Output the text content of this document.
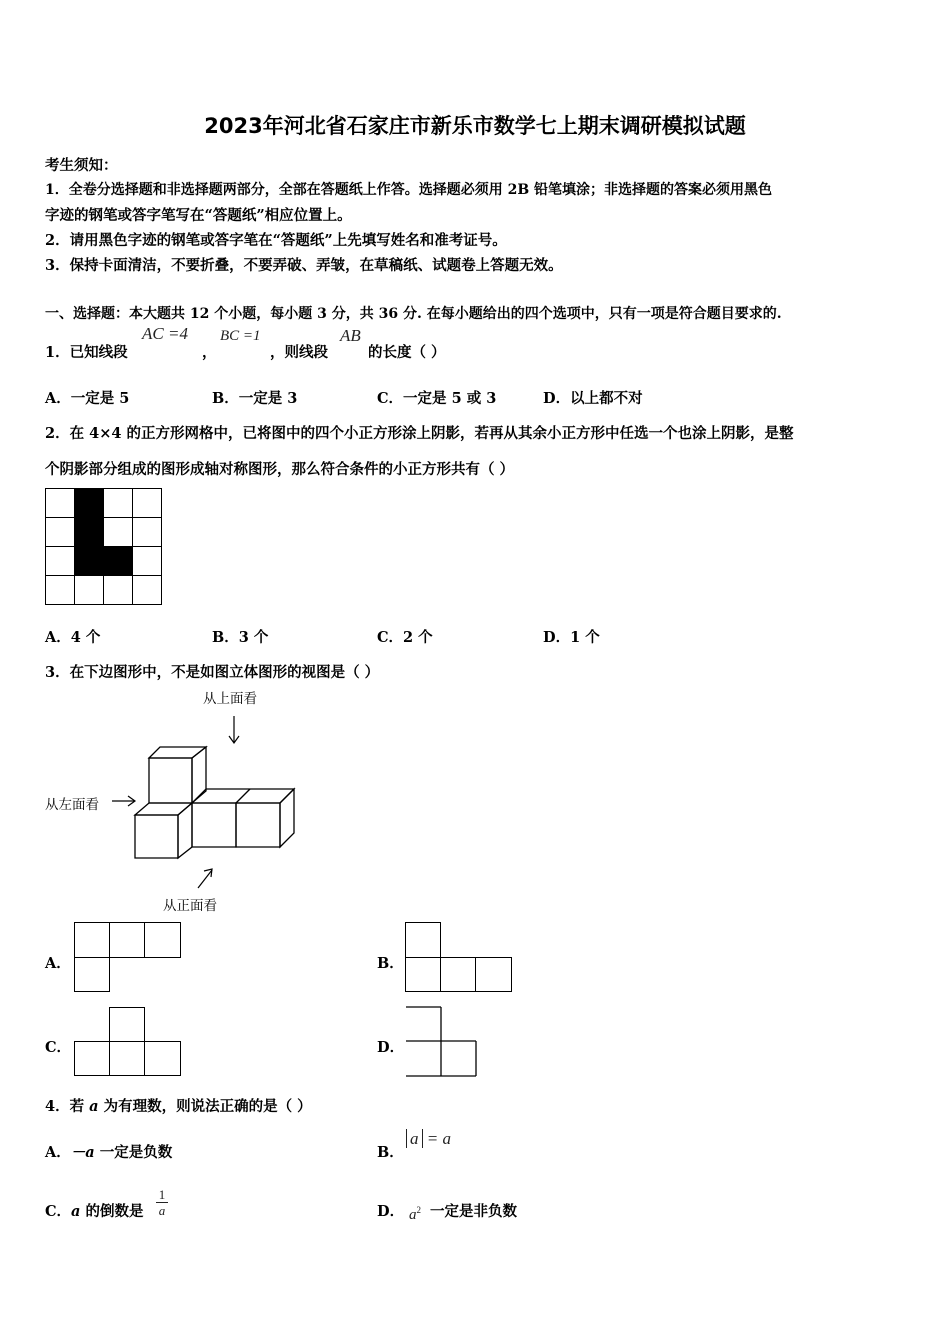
2023年河北省石家庄市新乐市数学七上期末调研模拟试题
考生须知：
1．全卷分选择题和非选择题两部分，全部在答题纸上作答。选择题必须用 2B 铅笔填涂；非选择题的答案必须用黑色
字迹的钢笔或答字笔写在“答题纸”相应位置上。
2．请用黑色字迹的钢笔或答字笔在“答题纸”上先填写姓名和准考证号。
3．保持卡面清洁，不要折叠，不要弄破、弄皱，在草稿纸、试题卷上答题无效。
一、选择题：本大题共 12 个小题，每小题 3 分，共 36 分. 在每小题给出的四个选项中，只有一项是符合题目要求的.
1．已知线段
AC =4
，
BC =1
，则线段
AB
的长度（ ）
A．一定是 5	B．一定是 3	C．一定是 5 或 3	D．以上都不对
2．在 4×4 的正方形网格中，已将图中的四个小正方形涂上阴影，若再从其余小正方形中任选一个也涂上阴影，是整
个阴影部分组成的图形成轴对称图形，那么符合条件的小正方形共有（ ）

A．4 个	B．3 个	C．2 个	D．1 个
3．在下边图形中，不是如图立体图形的视图是（ ）
从上面看
从左面看
从正面看
A．	B．
C．	D．
4．若 a 为有理数，则说法正确的是（ ）
A．－a 一定是负数	B．
a = a
C．a 的倒数是
1
a	D． $a^2$ 一定是非负数
